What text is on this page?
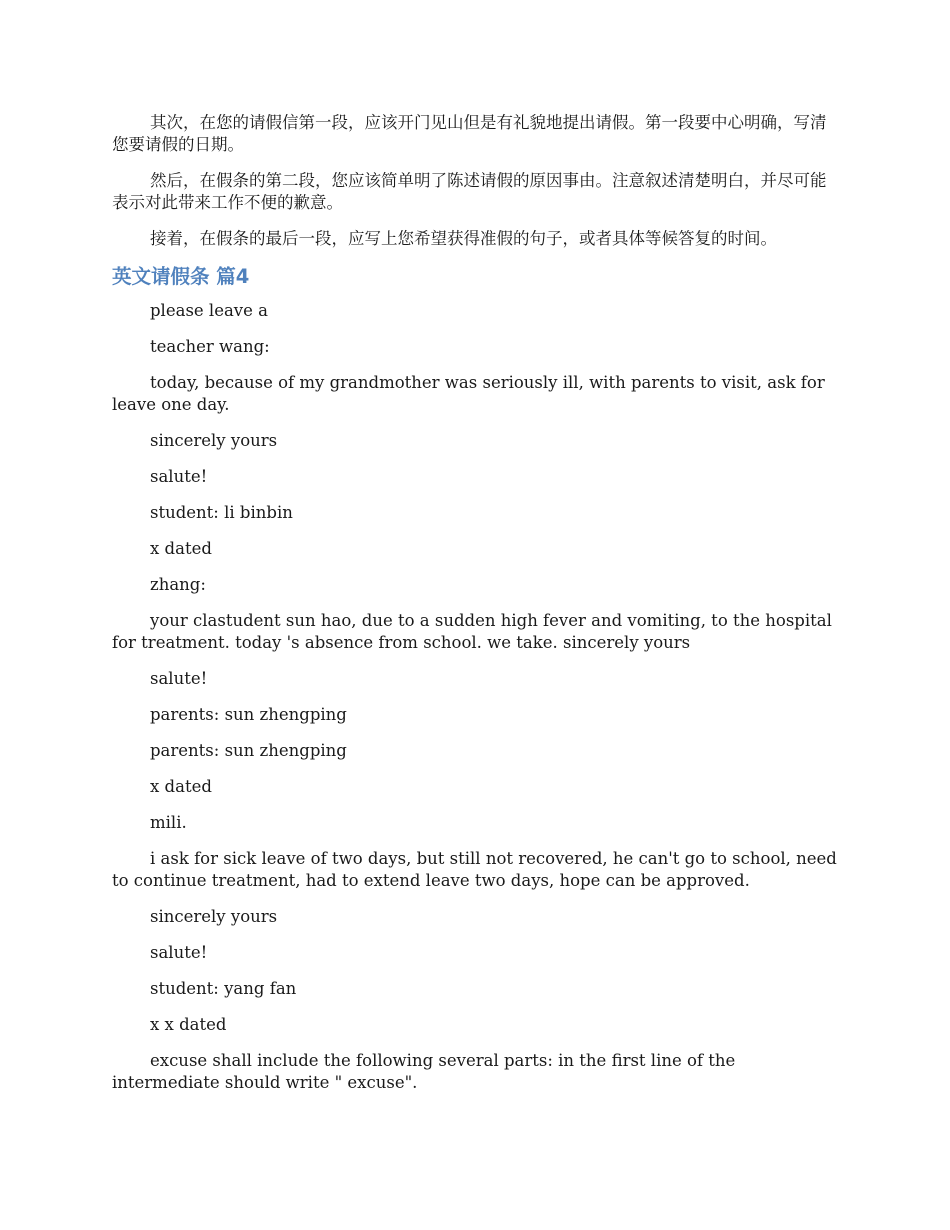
其次，在您的请假信第一段，应该开门见山但是有礼貌地提出请假。第一段要中心明确，写清您要请假的日期。

然后，在假条的第二段，您应该简单明了陈述请假的原因事由。注意叙述清楚明白，并尽可能表示对此带来工作不便的歉意。

接着，在假条的最后一段，应写上您希望获得准假的句子，或者具体等候答复的时间。

英文请假条 篇4

please leave a

teacher wang:

today, because of my grandmother was seriously ill, with parents to visit, ask for leave one day.

sincerely yours

salute!

student: li binbin

x dated

zhang:

your clastudent sun hao, due to a sudden high fever and vomiting, to the hospital for treatment. today 's absence from school. we take. sincerely yours

salute!

parents: sun zhengping

parents: sun zhengping

x dated

mili.

i ask for sick leave of two days, but still not recovered, he can't go to school, need to continue treatment, had to extend leave two days, hope can be approved.

sincerely yours

salute!

student: yang fan

x x dated

excuse shall include the following several parts: in the first line of the intermediate should write " excuse".
